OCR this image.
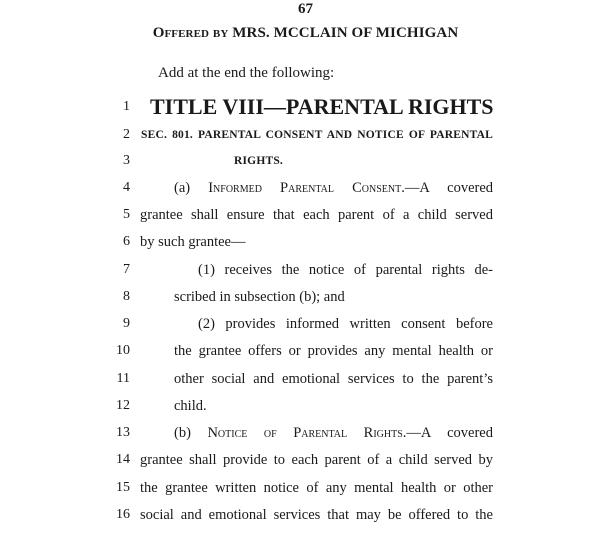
67
Offered by MRS. MCCLAIN OF MICHIGAN
Add at the end the following:
1 TITLE VIII—PARENTAL RIGHTS
2 SEC. 801. PARENTAL CONSENT AND NOTICE OF PARENTAL
3	RIGHTS.
4	(a) Informed Parental Consent.—A covered
5 grantee shall ensure that each parent of a child served
6 by such grantee—
7	(1) receives the notice of parental rights de-
8	scribed in subsection (b); and
9	(2) provides informed written consent before
10	the grantee offers or provides any mental health or
11	other social and emotional services to the parent’s
12	child.
13	(b) Notice of Parental Rights.—A covered
14 grantee shall provide to each parent of a child served by
15 the grantee written notice of any mental health or other
16 social and emotional services that may be offered to the
